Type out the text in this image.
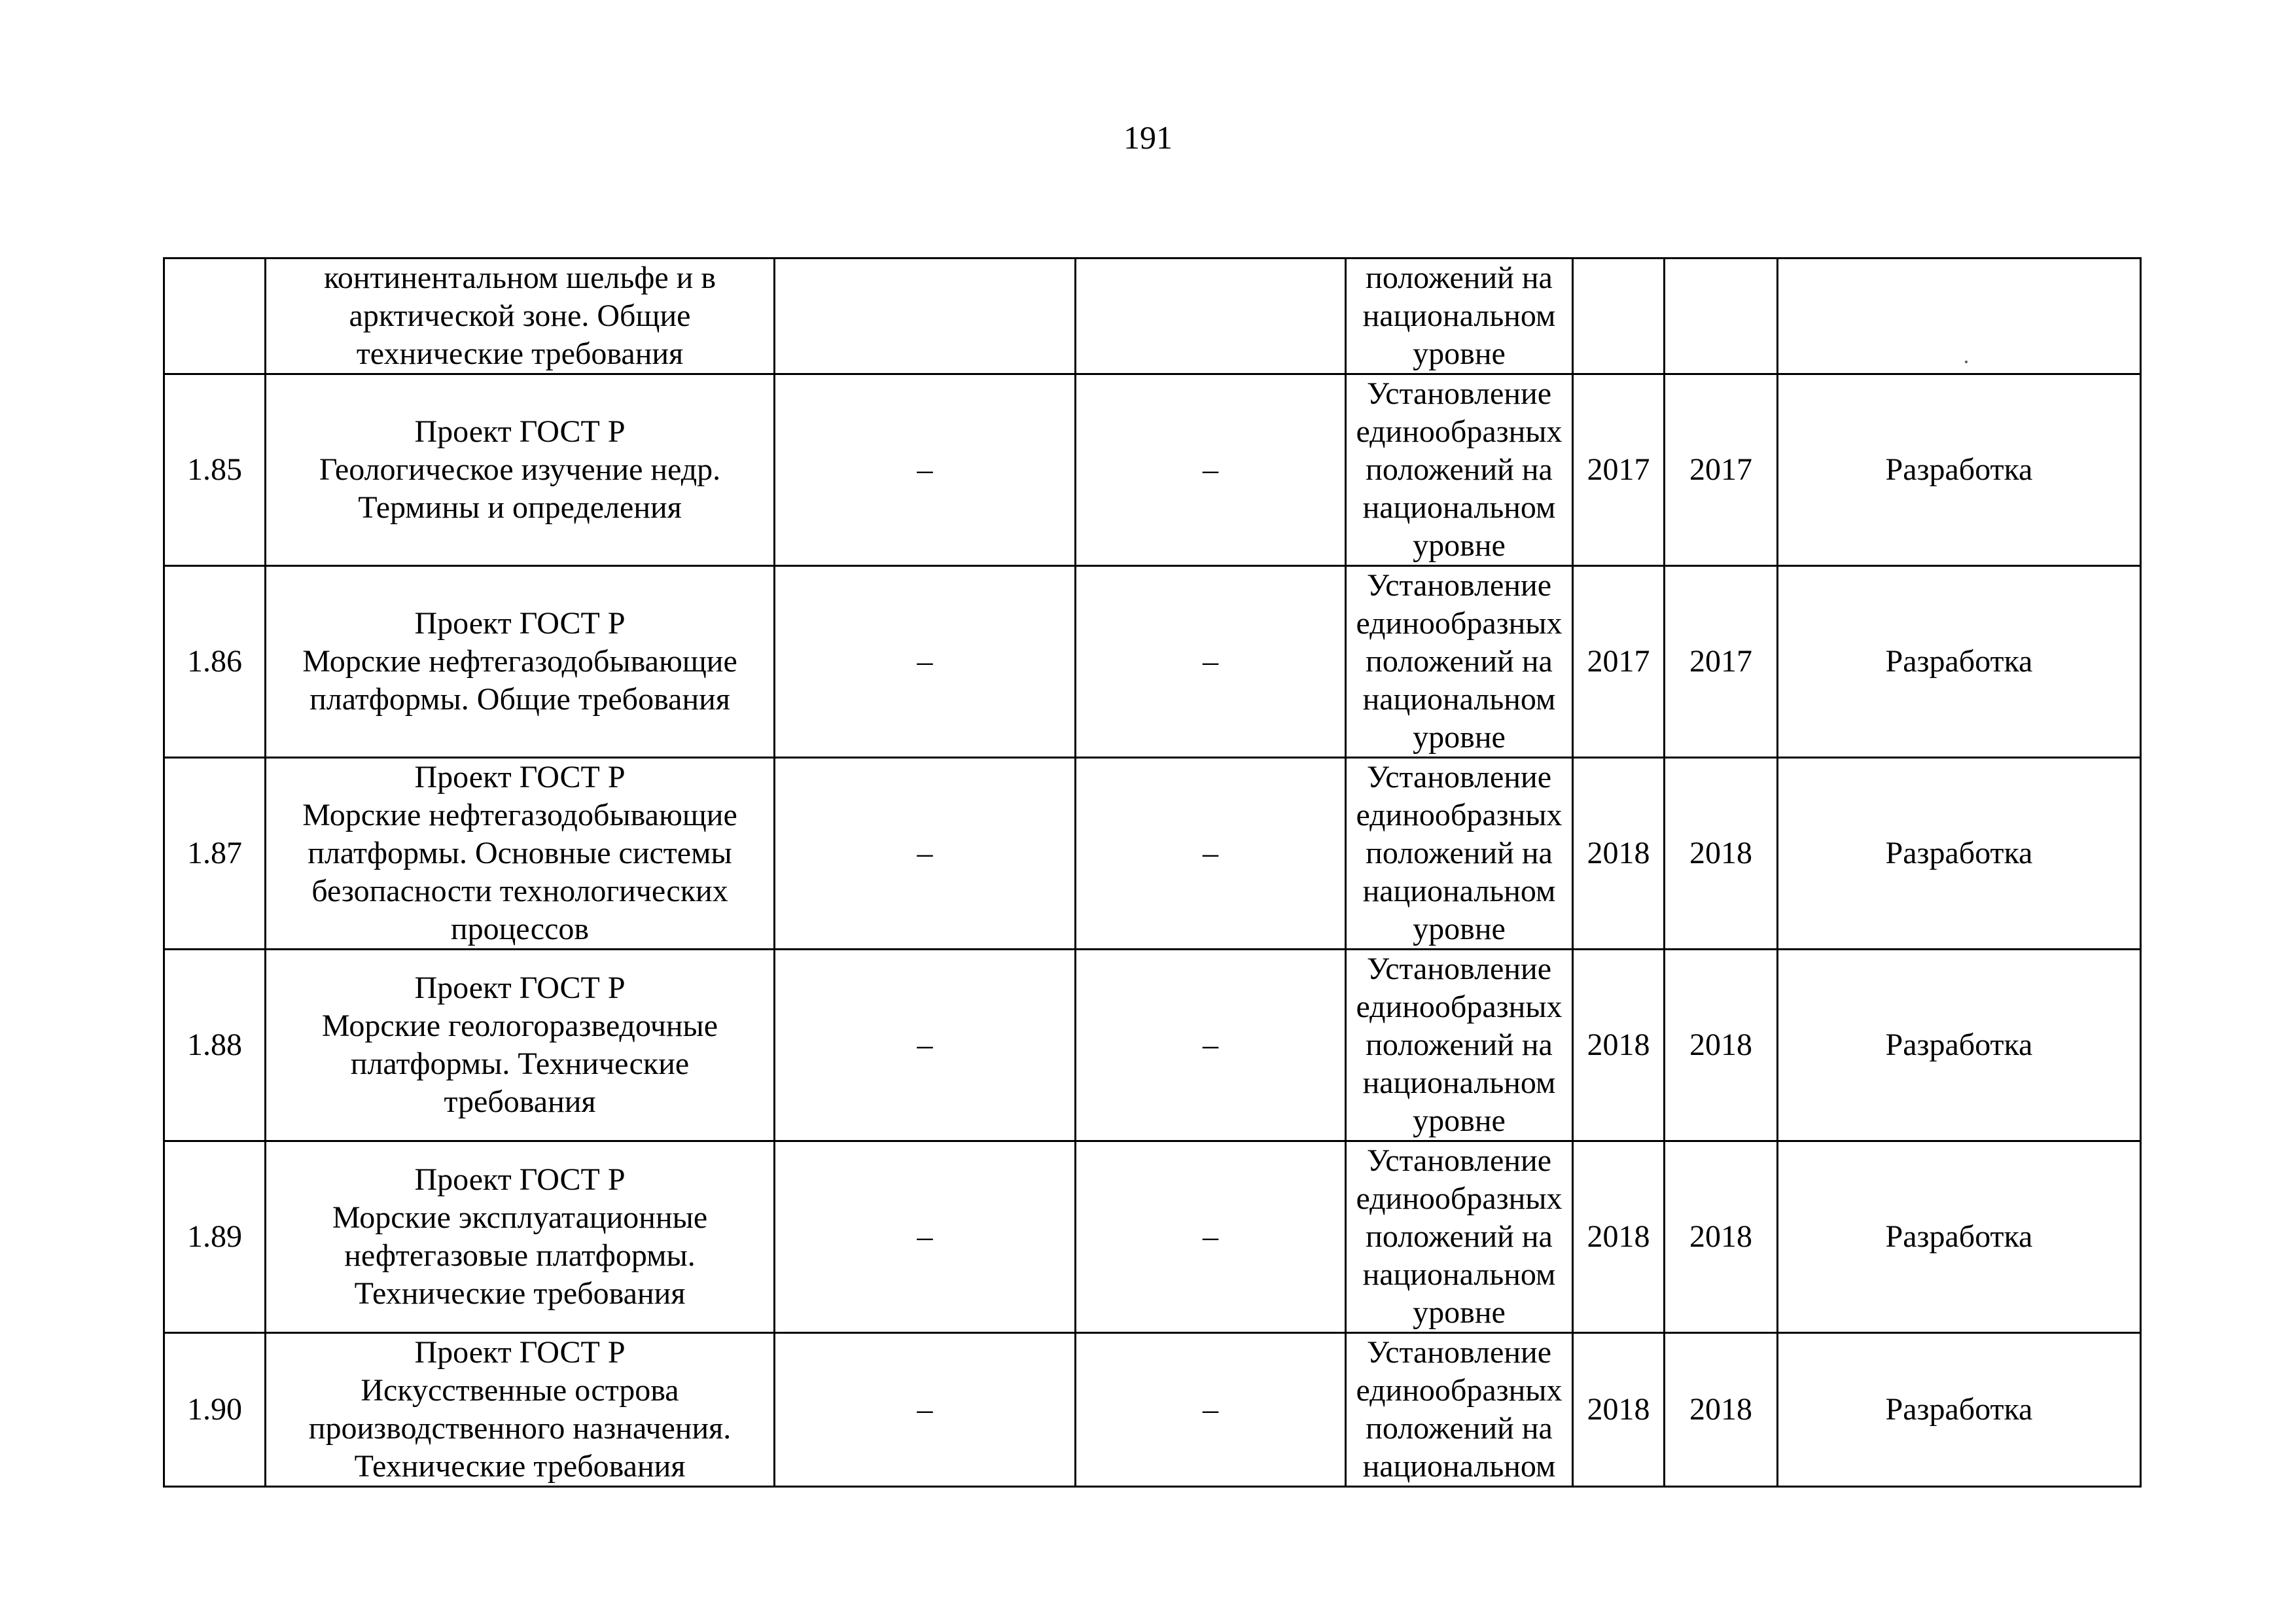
191

	континентальном шельфе и в
арктической зоне. Общие
технические требования			положений на
национальном
уровне			

1.85	Проект ГОСТ Р
Геологическое изучение недр.
Термины и определения	–	–	Установление
единообразных
положений на
национальном
уровне	2017	2017	Разработка
1.86	Проект ГОСТ Р
Морские нефтегазодобывающие
платформы. Общие требования	–	–	Установление
единообразных
положений на
национальном
уровне	2017	2017	Разработка
1.87	Проект ГОСТ Р
Морские нефтегазодобывающие
платформы. Основные системы
безопасности технологических
процессов	–	–	Установление
единообразных
положений на
национальном
уровне	2018	2018	Разработка
1.88	Проект ГОСТ Р
Морские геологоразведочные
платформы. Технические
требования	–	–	Установление
единообразных
положений на
национальном
уровне	2018	2018	Разработка
1.89	Проект ГОСТ Р
Морские эксплуатационные
нефтегазовые платформы.
Технические требования	–	–	Установление
единообразных
положений на
национальном
уровне	2018	2018	Разработка
1.90	Проект ГОСТ Р
Искусственные острова
производственного назначения.
Технические требования	–	–	Установление
единообразных
положений на
национальном	2018	2018	Разработка
